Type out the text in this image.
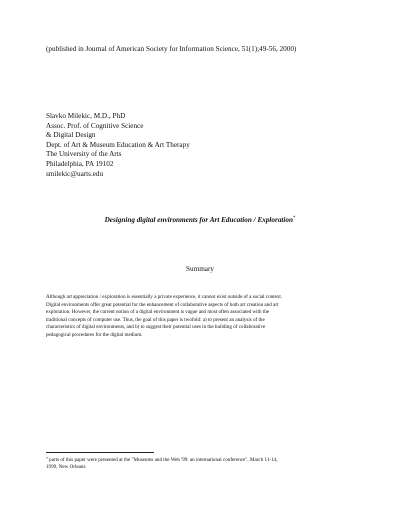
(published in Journal of American Society for Information Science, 51(1);49-56, 2000)
Slavko Milekic, M.D., PhD
Assoc. Prof. of Cognitive Science
& Digital Design
Dept. of Art & Museum Education & Art Therapy
The University of the Arts
Philadelphia, PA 19102
smilekic@uarts.edu
Designing digital environments for Art Education / Exploration*
Summary
Although art appreciation / exploration is essentially a private experience, it cannot exist outside of a social context.
Digital environments offer great potential for the enhancement of collaborative aspects of both art creation and art
exploration. However, the current notion of a digital environment is vague and most often associated with the
traditional concepts of computer use. Thus, the goal of this paper is twofold: a) to present an analysis of the
characteristics of digital environments, and b) to suggest their potential uses in the building of collaborative
pedagogical procedures for the digital medium.
* parts of this paper were presented at the "Museums and the Web '99: an international conference", March 11-14,
1999, New Orleans
